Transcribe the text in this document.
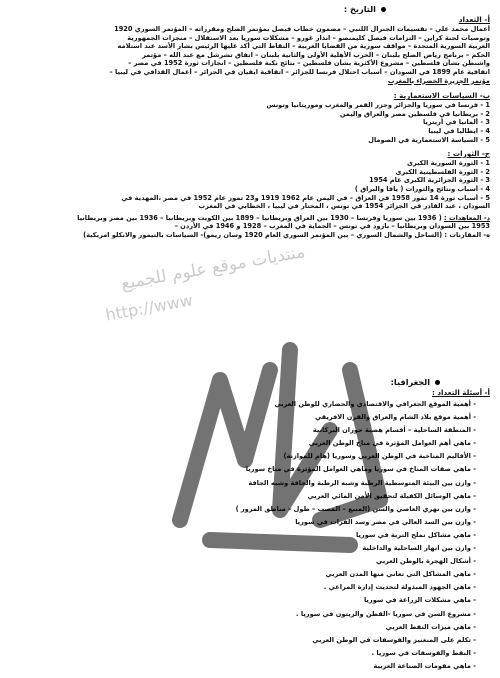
التاريخ :
أ- التعداد
أعمال محمد علي – تقسيمات الجنرال اللنبي – مضمون خطاب فيصل بمؤتمر الصلح ومقرراته – المؤتمر السوري 1920
وتوصيات لجنة كراين – التزامات فيصل كليمنصو – انذار غورو – مشكلات سوريا بعد الاستقلال – منجزات الجمهورية
العربية السورية المتحدة – مواقف سورية من القضايا العربية – النقاط التي أكد عليها الرئيس بشار الأسد عند استلامه
الحكم – برنامج رياض الصلح بلبنان – الحرب الأهلية الأولى والثانية بلبنان – اتفاق تشرشل مع عبد الله – مؤتمر
واشنطن بشأن فلسطين – مشروع الأكثرية بشأن فلسطين – نتائج نكبة فلسطين – انجازات ثورة 1952 في مصر –
اتفاقية عام 1899 في السودان – أسباب احتلال فرنسا للجزائر – اتفاقية ايفيان في الجزائر – أعمال القذافي في ليبيا –
مؤتمر الجزيرة الخضراء بالمغرب
ب- السياسات الاستعمارية :
1 - فرنسا في سوريا والجزائر وجزر القمر والمغرب وموريتانيا وتونس
2 - بريطانيا في فلسطين مصر والعراق واليمن
3 - ألمانيا في أريتريا
4 - ايطاليا في ليبيا
5 - السياسة الاستعمارية في الصومال
ج- الثورات :
1 - الثورة السورية الكبرى
2 - الثورة الفلسطينية الكبرى
3 - الثورة الجزائرية الكبرى عام 1954
4 - أسباب ونتائج والثورات ( يافا والبراق )
5 - أسباب ثورة 14 تموز 1958 في العراق – في اليمن عام 1962 1919 و23 تموز عام 1952 في مصر ،المهدية في
السودان ، عبد القادر في الجزائر 1954 في تونس ، المختار في ليبيا ، الخطابي في المغرب
د- المعاهدات : ( 1936 بين سوريا وفرنسا – 1930 بين العراق وبريطانيا – 1899 بين الكويت وبريطانيا – 1936 بين مصر وبريطانيا
1953 بين السودان وبريطانيا – بارود في تونس – الحماية في المغرب – 1928 و 1946 في الأردن –
ه- المقارنات : (الساحل والشمال السوري – بين المؤتمر السوري العام 1920 وسان ريمو)- السياسات بالتيمور والانكلو امريكية)
الجغرافيا:
أ- أسئلة التعداد :
- أهمية الموقع الجغرافي والاقتصادي والحضاري للوطن العربي
- أهمية موقع بلاد الشام والعراق والقرن الافريقي
- المنطقة الساحلية – أقسام هضبة حوران البركانية
- ماهي أهم العوامل المؤثرة في مناخ الوطن العربي
- الأقاليم المناخية في الوطن العربي وسوريا (هام للموازنة)
- ماهي صفات المناخ في سوريا وماهي العوامل المؤثرة في مناخ سوريا
- وازن بين البيئة المتوسطية الرطبة وشبه الرطبة والجافة وشبه الجافة
- ماهي الوسائل الكفيلة لتحقيق الأمن المائي العربي
- وازن بين نهري العاصي والسن (المنبع – المصب – طول – مناطق المرور )
- وازن بين السد العالي في مصر وسد الفرات في سوريا
- ماهي مشاكل تملح التربة في سوريا
- وازن بين انهار الساحلية والداخلية
- أشكال الهجرة بالوطن العربي
- ماهي المشاكل التي تعاني منها المدن العربي
- ماهي الجهود المبذولة لتحديث إدارة المراعي .
- ماهي مشكلات الزراعة في سوريا
- مشروع السن في سوريا -القطن والزيتون في سوريا .
- ماهي ميزات النفط العربي
- تكلم على المنغنيز والفوسفات في الوطن العربي
- النفط والفوسفات في سوريا .
- ماهي مقومات الصناعة العربية
منتديات موقع علوم للجميع
http://www
